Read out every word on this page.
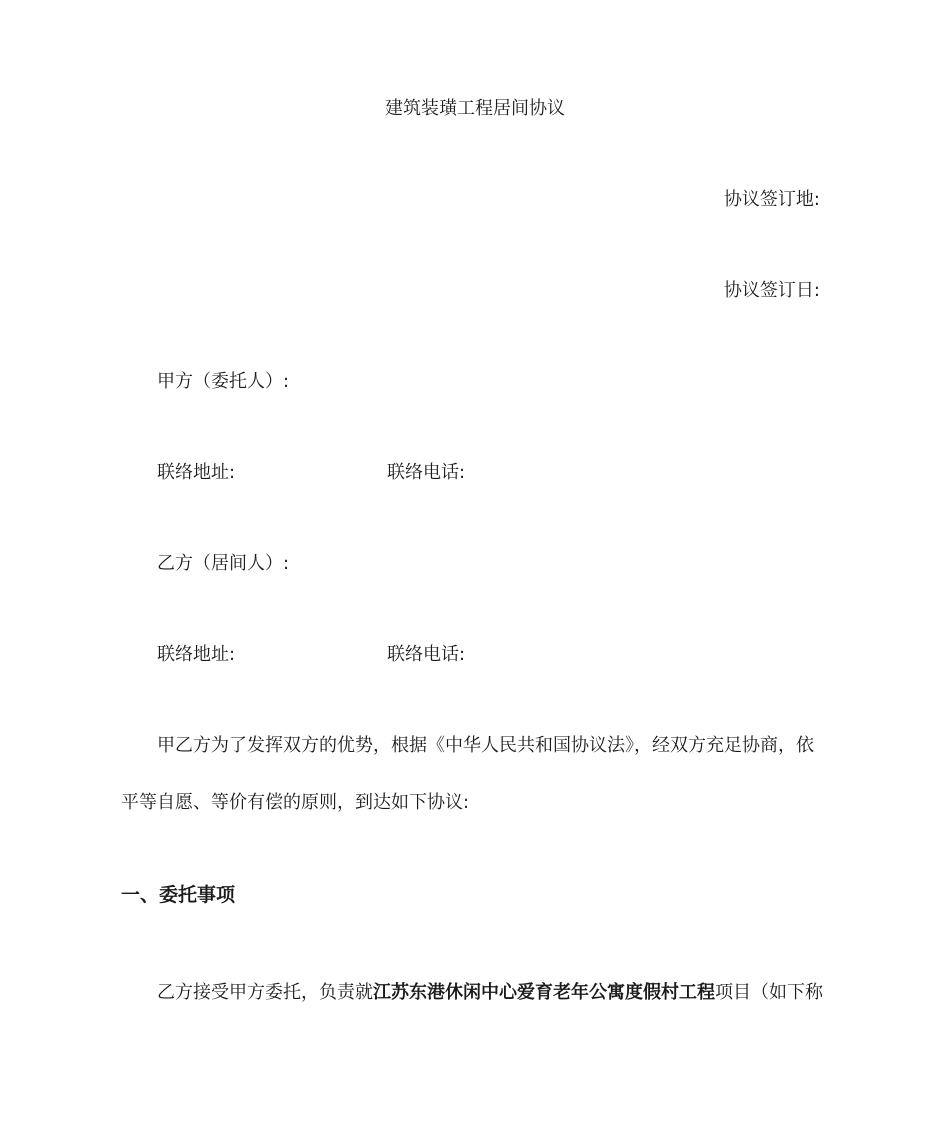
建筑装璜工程居间协议
协议签订地:
协议签订日:
甲方（委托人）:
联络地址:	联络电话:
乙方（居间人）:
联络地址:	联络电话:
甲乙方为了发挥双方的优势，根据《中华人民共和国协议法》，经双方充足协商，依
平等自愿、等价有偿的原则，到达如下协议:
一、委托事项
乙方接受甲方委托，负责就江苏东港休闲中心爱育老年公寓度假村工程项目（如下称
